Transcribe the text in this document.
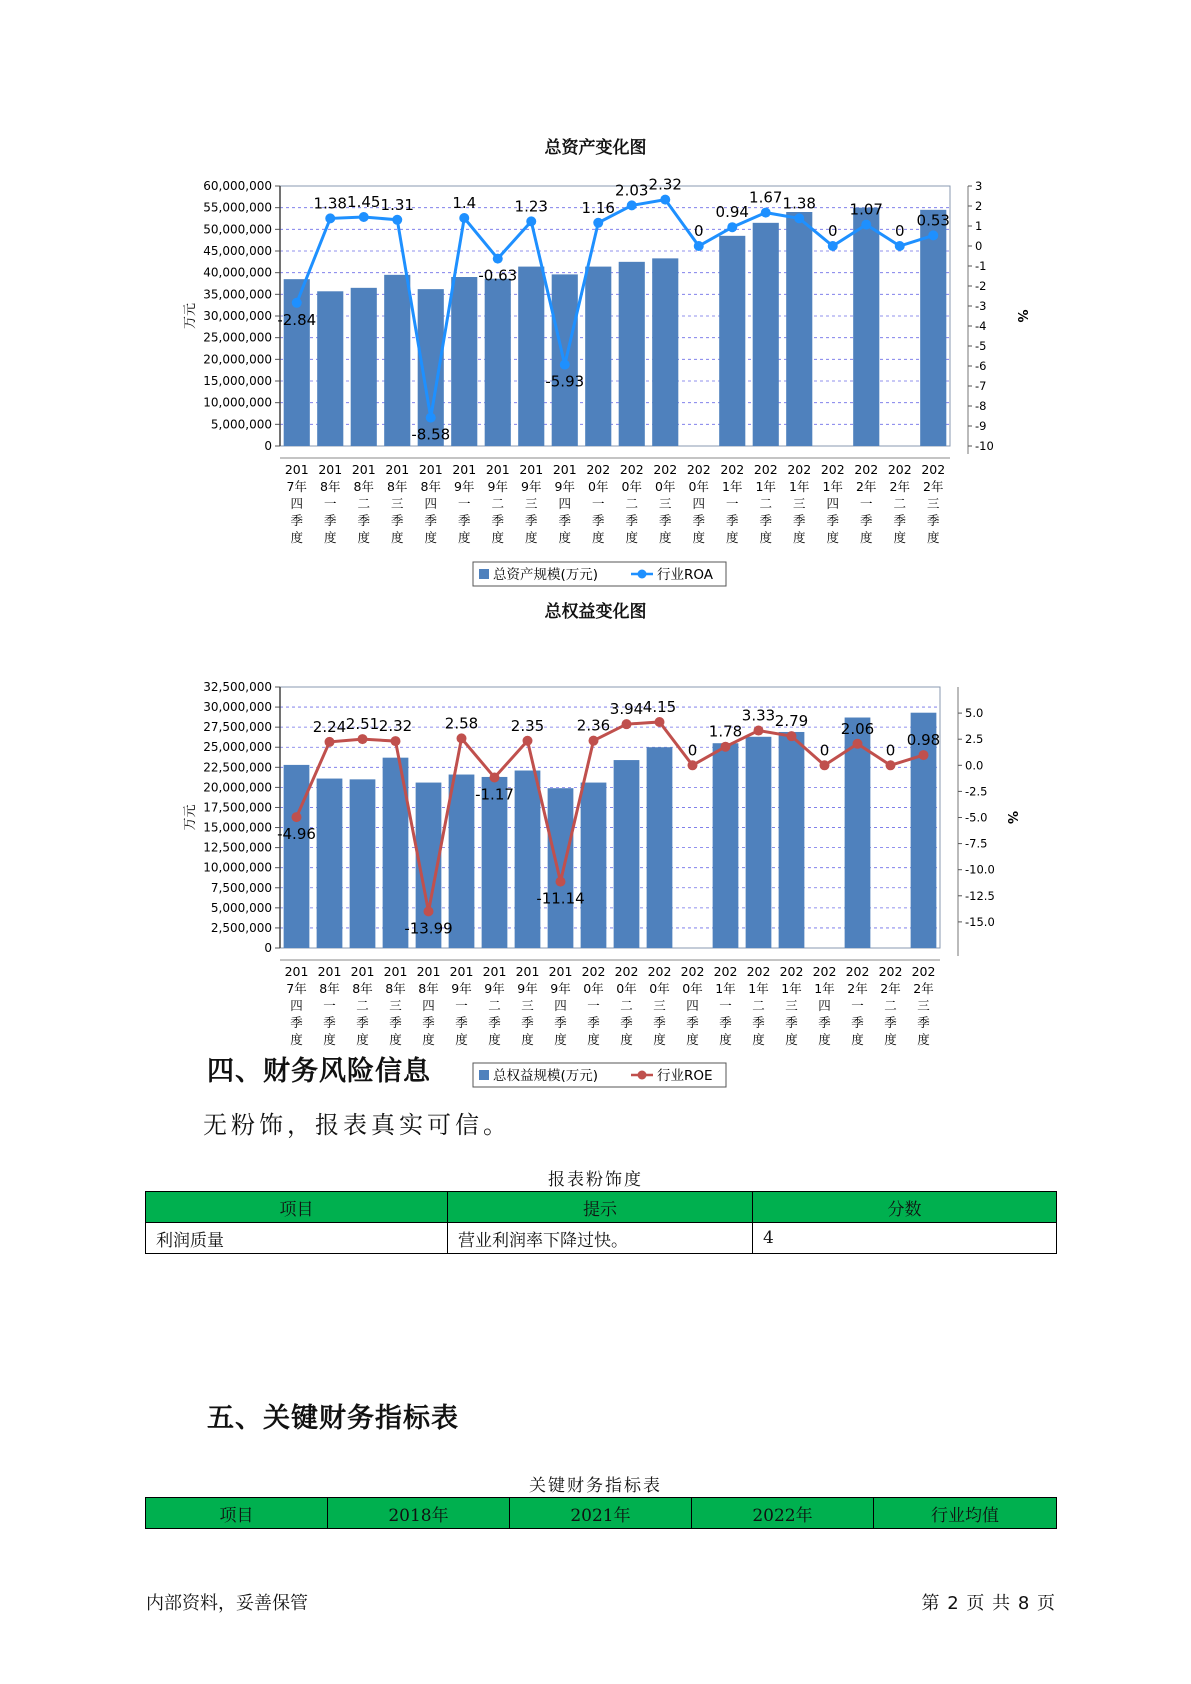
总资产变化图
60,000,000
55,000,000
50,000,000
45,000,000
40,000,000
35,000,000
30,000,000
25,000,000
20,000,000
15,000,000
10,000,000
5,000,000
0
3
2
1
0
-1
-2
-3
-4
-5
-6
-7
-8
-9
-10
万元	%
-2.84
1.38 1.45 1.31
-8.58
1.4
-0.63
1.23
-5.93
1.16
2.03 2.32
0
0.94
1.67 1.38
0
1.07
0
0.53
201
7年
四
季
度
201
8年
一
季
度
201
8年
二
季
度
201
8年
三
季
度
201
8年
四
季
度
201
9年
一
季
度
201
9年
二
季
度
201
9年
三
季
度
201
9年
四
季
度
202
0年
一
季
度
202
0年
二
季
度
202
0年
三
季
度
202
0年
四
季
度
202
1年
一
季
度
202
1年
二
季
度
202
1年
三
季
度
202
1年
四
季
度
202
2年
一
季
度
202
2年
二
季
度
202
2年
三
季
度
总资产规模(万元)	行业ROA
总权益变化图
32,500,000
30,000,000
27,500,000
25,000,000
22,500,000
20,000,000
17,500,000
15,000,000
12,500,000
10,000,000
7,500,000
5,000,000
2,500,000
0
5.0
2.5
0.0
-2.5
-5.0
-7.5
-10.0
-12.5
-15.0
万元	%
-4.96
2.24 2.51 2.32
-13.99
2.58
-1.17
2.35
-11.14
2.36
3.94 4.15
0
1.78
3.33 2.79
0
2.06
0
0.98
201
7年
四
季
度
201
8年
一
季
度
201
8年
二
季
度
201
8年
三
季
度
201
8年
四
季
度
201
9年
一
季
度
201
9年
二
季
度
201
9年
三
季
度
201
9年
四
季
度
202
0年
一
季
度
202
0年
二
季
度
202
0年
三
季
度
202
0年
四
季
度
202
1年
一
季
度
202
1年
二
季
度
202
1年
三
季
度
202
1年
四
季
度
202
2年
一
季
度
202
2年
二
季
度
202
2年
三
季
度
总权益规模(万元)	行业ROE
四、财务风险信息
无粉饰，报表真实可信。
报表粉饰度
项目	提示	分数
利润质量	营业利润率下降过快。	4
五、关键财务指标表
关键财务指标表
项目	2018年	2021年	2022年	行业均值
内部资料，妥善保管	第 2 页 共 8 页
